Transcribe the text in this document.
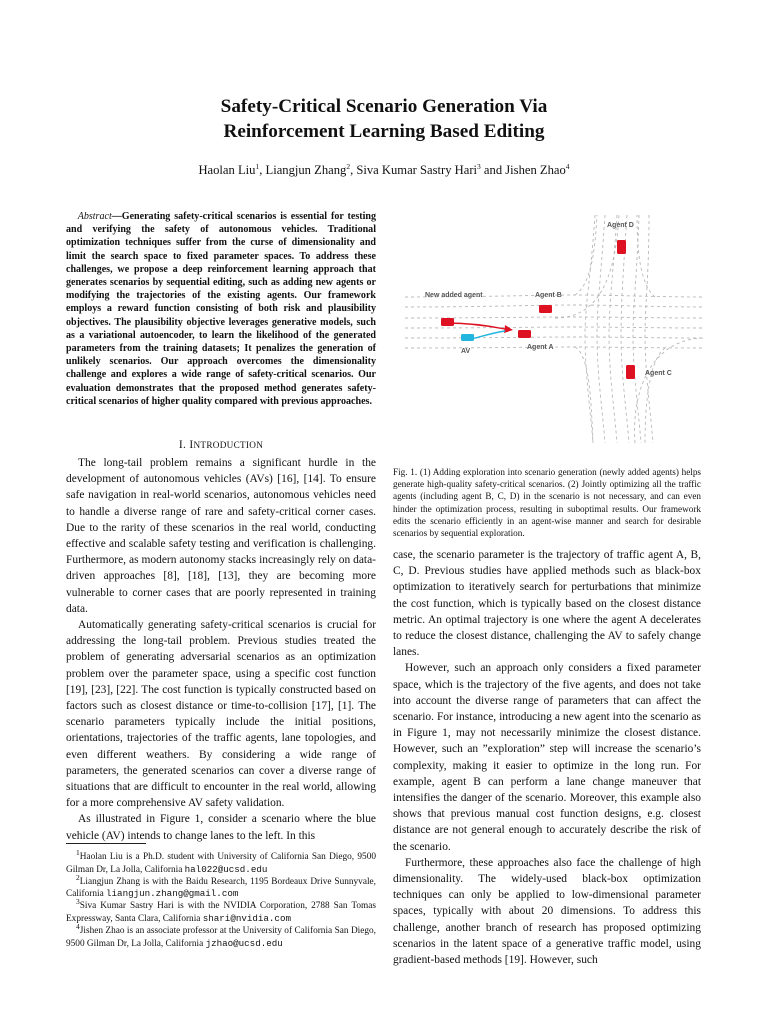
Safety-Critical Scenario Generation Via
Reinforcement Learning Based Editing
Haolan Liu$^1$, Liangjun Zhang$^2$, Siva Kumar Sastry Hari$^3$ and Jishen Zhao$^4$
Abstract—Generating safety-critical scenarios is essential for testing and verifying the safety of autonomous vehicles. Traditional optimization techniques suffer from the curse of dimensionality and limit the search space to fixed parameter spaces. To address these challenges, we propose a deep reinforcement learning approach that generates scenarios by sequential editing, such as adding new agents or modifying the trajectories of the existing agents. Our framework employs a reward function consisting of both risk and plausibility objectives. The plausibility objective leverages generative models, such as a variational autoencoder, to learn the likelihood of the generated parameters from the training datasets; It penalizes the generation of unlikely scenarios. Our approach overcomes the dimensionality challenge and explores a wide range of safety-critical scenarios. Our evaluation demonstrates that the proposed method generates safety-critical scenarios of higher quality compared with previous approaches.
I. INTRODUCTION

The long-tail problem remains a significant hurdle in the development of autonomous vehicles (AVs) [16], [14]. To ensure safe navigation in real-world scenarios, autonomous vehicles need to handle a diverse range of rare and safety-critical corner cases. Due to the rarity of these scenarios in the real world, conducting effective and scalable safety testing and verification is challenging. Furthermore, as modern autonomy stacks increasingly rely on data-driven approaches [8], [18], [13], they are becoming more vulnerable to corner cases that are poorly represented in training data.

Automatically generating safety-critical scenarios is crucial for addressing the long-tail problem. Previous studies treated the problem of generating adversarial scenarios as an optimization problem over the parameter space, using a specific cost function [19], [23], [22]. The cost function is typically constructed based on factors such as closest distance or time-to-collision [17], [1]. The scenario parameters typically include the initial positions, orientations, trajectories of the traffic agents, lane topologies, and even different weathers. By considering a wide range of parameters, the generated scenarios can cover a diverse range of situations that are difficult to encounter in the real world, allowing for a more comprehensive AV safety validation.

As illustrated in Figure 1, consider a scenario where the blue vehicle (AV) intends to change lanes to the left. In this

$^1$Haolan Liu is a Ph.D. student with University of California San Diego, 9500 Gilman Dr, La Jolla, California hal022@ucsd.edu

$^2$Liangjun Zhang is with the Baidu Research, 1195 Bordeaux Drive Sunnyvale, California liangjun.zhang@gmail.com

$^3$Siva Kumar Sastry Hari is with the NVIDIA Corporation, 2788 San Tomas Expressway, Santa Clara, California shari@nvidia.com

$^4$Jishen Zhao is an associate professor at the University of California San Diego, 9500 Gilman Dr, La Jolla, California jzhao@ucsd.edu

Agent D
Agent B
New added agent
Agent A
AV
Agent C
Fig. 1. (1) Adding exploration into scenario generation (newly added agents) helps generate high-quality safety-critical scenarios. (2) Jointly optimizing all the traffic agents (including agent B, C, D) in the scenario is not necessary, and can even hinder the optimization process, resulting in suboptimal results. Our framework edits the scenario efficiently in an agent-wise manner and search for desirable scenarios by sequential exploration.

case, the scenario parameter is the trajectory of traffic agent A, B, C, D. Previous studies have applied methods such as black-box optimization to iteratively search for perturbations that minimize the cost function, which is typically based on the closest distance metric. An optimal trajectory is one where the agent A decelerates to reduce the closest distance, challenging the AV to safely change lanes.

However, such an approach only considers a fixed parameter space, which is the trajectory of the five agents, and does not take into account the diverse range of parameters that can affect the scenario. For instance, introducing a new agent into the scenario as in Figure 1, may not necessarily minimize the closest distance. However, such an ”exploration” step will increase the scenario’s complexity, making it easier to optimize in the long run. For example, agent B can perform a lane change maneuver that intensifies the danger of the scenario. Moreover, this example also shows that previous manual cost function designs, e.g. closest distance are not general enough to accurately describe the risk of the scenario.

Furthermore, these approaches also face the challenge of high dimensionality. The widely-used black-box optimization techniques can only be applied to low-dimensional parameter spaces, typically with about 20 dimensions. To address this challenge, another branch of research has proposed optimizing scenarios in the latent space of a generative traffic model, using gradient-based methods [19]. However, such
